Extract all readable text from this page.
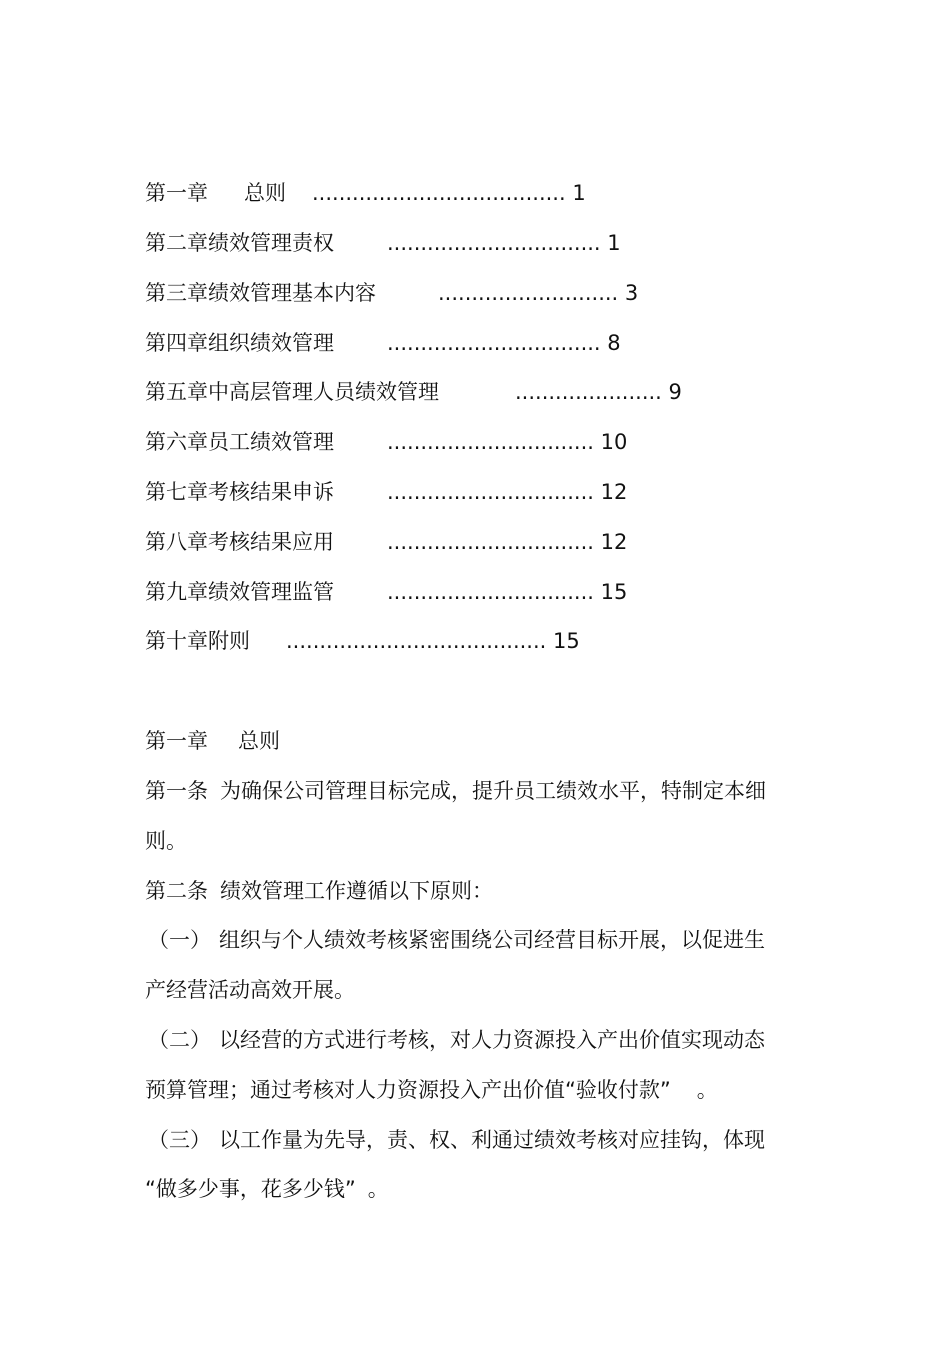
第一章 总则 ...................................... 1
第二章绩效管理责权	................................ 1
第三章绩效管理基本内容	........................... 3
第四章组织绩效管理	................................ 8
第五章中高层管理人员绩效管理	...................... 9
第六章员工绩效管理	............................... 10
第七章考核结果申诉	............................... 12
第八章考核结果应用	............................... 12
第九章绩效管理监管	............................... 15
第十章附则 ....................................... 15
第一章 总则
第一条 为确保公司管理目标完成，提升员工绩效水平，特制定本细
则。
第二条 绩效管理工作遵循以下原则：
（一） 组织与个人绩效考核紧密围绕公司经营目标开展，以促进生
产经营活动高效开展。
（二） 以经营的方式进行考核，对人力资源投入产出价值实现动态
预算管理；通过考核对人力资源投入产出价值“验收付款” 。
（三） 以工作量为先导，责、权、利通过绩效考核对应挂钩，体现
“做多少事，花多少钱” 。
